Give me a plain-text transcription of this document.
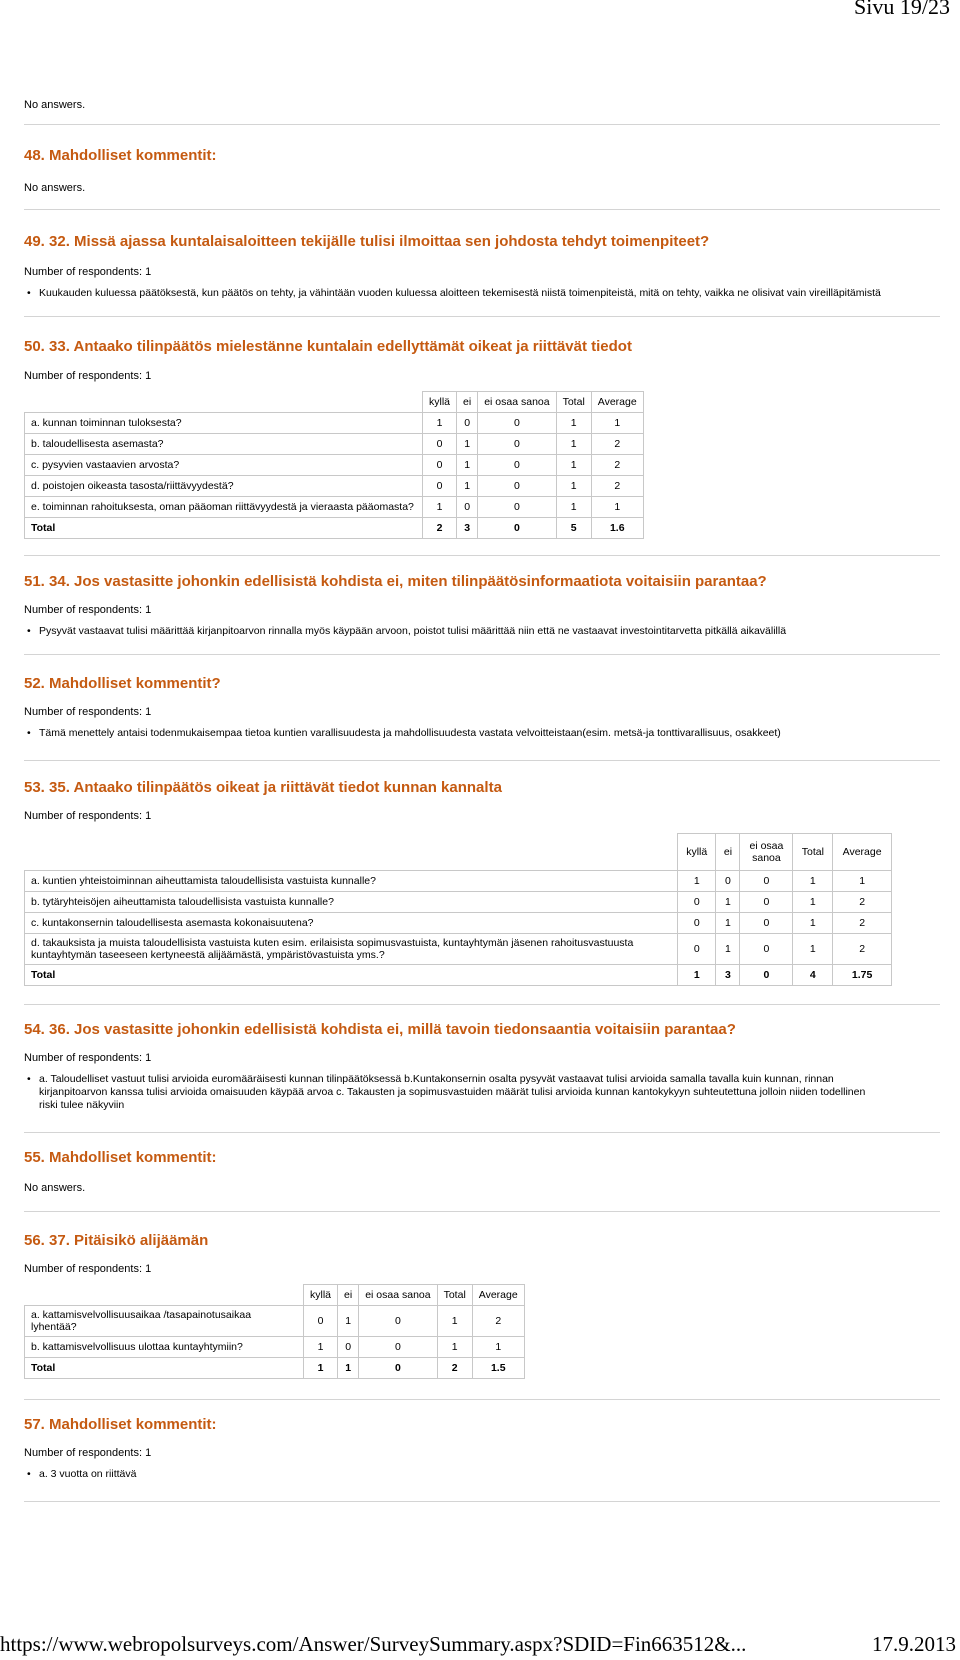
Sivu 19/23

No answers.

48. Mahdolliset kommentit:

No answers.

49. 32. Missä ajassa kuntalaisaloitteen tekijälle tulisi ilmoittaa sen johdosta tehdyt toimenpiteet?

Number of respondents: 1

• Kuukauden kuluessa päätöksestä, kun päätös on tehty, ja vähintään vuoden kuluessa aloitteen tekemisestä niistä toimenpiteistä, mitä on tehty, vaikka ne olisivat vain vireilläpitämistä
50. 33. Antaako tilinpäätös mielestänne kuntalain edellyttämät oikeat ja riittävät tiedot

Number of respondents: 1

	kyllä	ei	ei osaa sanoa	Total	Average
a. kunnan toiminnan tuloksesta?	1	0	0	1	1
b. taloudellisesta asemasta?	0	1	0	1	2
c. pysyvien vastaavien arvosta?	0	1	0	1	2
d. poistojen oikeasta tasosta/riittävyydestä?	0	1	0	1	2
e. toiminnan rahoituksesta, oman pääoman riittävyydestä ja vieraasta pääomasta?	1	0	0	1	1
Total	2	3	0	5	1.6
51. 34. Jos vastasitte johonkin edellisistä kohdista ei, miten tilinpäätösinformaatiota voitaisiin parantaa?

Number of respondents: 1

• Pysyvät vastaavat tulisi määrittää kirjanpitoarvon rinnalla myös käypään arvoon, poistot tulisi määrittää niin että ne vastaavat investointitarvetta pitkällä aikavälillä
52. Mahdolliset kommentit?

Number of respondents: 1

• Tämä menettely antaisi todenmukaisempaa tietoa kuntien varallisuudesta ja mahdollisuudesta vastata velvoitteistaan(esim. metsä-ja tonttivarallisuus, osakkeet)
53. 35. Antaako tilinpäätös oikeat ja riittävät tiedot kunnan kannalta

Number of respondents: 1

	kyllä	ei	ei osaa sanoa	Total	Average
a. kuntien yhteistoiminnan aiheuttamista taloudellisista vastuista kunnalle?	1	0	0	1	1
b. tytäryhteisöjen aiheuttamista taloudellisista vastuista kunnalle?	0	1	0	1	2
c. kuntakonsernin taloudellisesta asemasta kokonaisuutena?	0	1	0	1	2
d. takauksista ja muista taloudellisista vastuista kuten esim. erilaisista sopimusvastuista, kuntayhtymän jäsenen rahoitusvastuusta kuntayhtymän taseeseen kertyneestä alijäämästä, ympäristövastuista yms.?	0	1	0	1	2
Total	1	3	0	4	1.75
54. 36. Jos vastasitte johonkin edellisistä kohdista ei, millä tavoin tiedonsaantia voitaisiin parantaa?

Number of respondents: 1

• a. Taloudelliset vastuut tulisi arvioida euromääräisesti kunnan tilinpäätöksessä b.Kuntakonsernin osalta pysyvät vastaavat tulisi arvioida samalla tavalla kuin kunnan, rinnan kirjanpitoarvon kanssa tulisi arvioida omaisuuden käypää arvoa c. Takausten ja sopimusvastuiden määrät tulisi arvioida kunnan kantokykyyn suhteutettuna jolloin niiden todellinen riski tulee näkyviin
55. Mahdolliset kommentit:

No answers.

56. 37. Pitäisikö alijäämän

Number of respondents: 1

	kyllä	ei	ei osaa sanoa	Total	Average
a. kattamisvelvollisuusaikaa /tasapainotusaikaa lyhentää?	0	1	0	1	2
b. kattamisvelvollisuus ulottaa kuntayhtymiin?	1	0	0	1	1
Total	1	1	0	2	1.5
57. Mahdolliset kommentit:

Number of respondents: 1

• a. 3 vuotta on riittävä
https://www.webropolsurveys.com/Answer/SurveySummary.aspx?SDID=Fin663512&...	17.9.2013
